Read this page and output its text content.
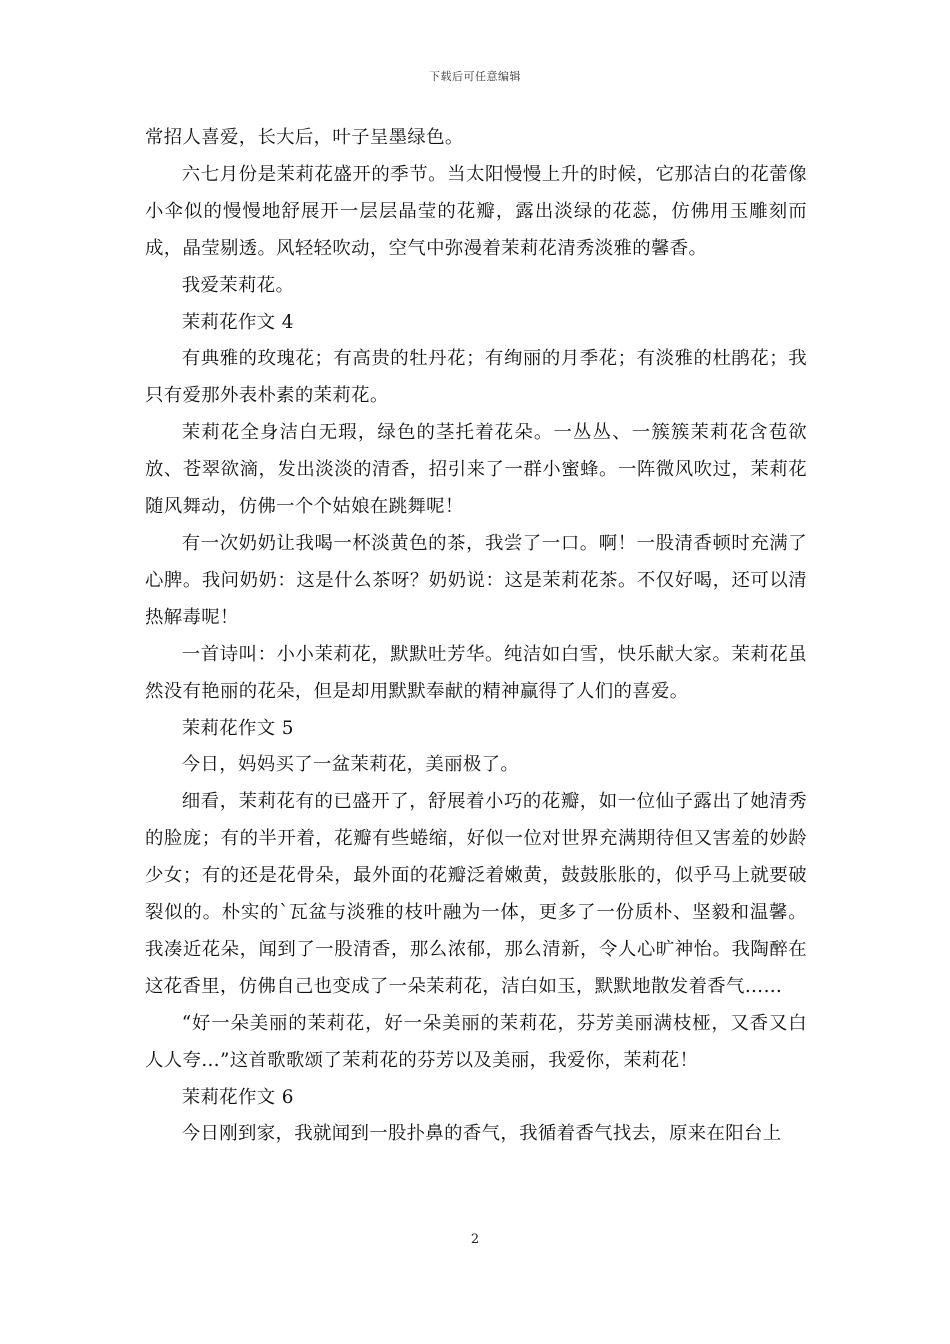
下载后可任意编辑

常招人喜爱，长大后，叶子呈墨绿色。

六七月份是茉莉花盛开的季节。当太阳慢慢上升的时候，它那洁白的花蕾像小伞似的慢慢地舒展开一层层晶莹的花瓣，露出淡绿的花蕊，仿佛用玉雕刻而成，晶莹剔透。风轻轻吹动，空气中弥漫着茉莉花清秀淡雅的馨香。

我爱茉莉花。

茉莉花作文 4

有典雅的玫瑰花；有高贵的牡丹花；有绚丽的月季花；有淡雅的杜鹃花；我只有爱那外表朴素的茉莉花。

茉莉花全身洁白无瑕，绿色的茎托着花朵。一丛丛、一簇簇茉莉花含苞欲放、苍翠欲滴，发出淡淡的清香，招引来了一群小蜜蜂。一阵微风吹过，茉莉花随风舞动，仿佛一个个姑娘在跳舞呢！

有一次奶奶让我喝一杯淡黄色的茶，我尝了一口。啊！一股清香顿时充满了心脾。我问奶奶：这是什么茶呀？奶奶说：这是茉莉花茶。不仅好喝，还可以清热解毒呢！

一首诗叫：小小茉莉花，默默吐芳华。纯洁如白雪，快乐献大家。茉莉花虽然没有艳丽的花朵，但是却用默默奉献的精神赢得了人们的喜爱。

茉莉花作文 5

今日，妈妈买了一盆茉莉花，美丽极了。

细看，茉莉花有的已盛开了，舒展着小巧的花瓣，如一位仙子露出了她清秀的脸庞；有的半开着，花瓣有些蜷缩，好似一位对世界充满期待但又害羞的妙龄少女；有的还是花骨朵，最外面的花瓣泛着嫩黄，鼓鼓胀胀的，似乎马上就要破裂似的。朴实的`瓦盆与淡雅的枝叶融为一体，更多了一份质朴、坚毅和温馨。我凑近花朵，闻到了一股清香，那么浓郁，那么清新，令人心旷神怡。我陶醉在这花香里，仿佛自己也变成了一朵茉莉花，洁白如玉，默默地散发着香气……

“好一朵美丽的茉莉花，好一朵美丽的茉莉花，芬芳美丽满枝桠，又香又白人人夸…”这首歌歌颂了茉莉花的芬芳以及美丽，我爱你，茉莉花！

茉莉花作文 6

今日刚到家，我就闻到一股扑鼻的香气，我循着香气找去，原来在阳台上

2
